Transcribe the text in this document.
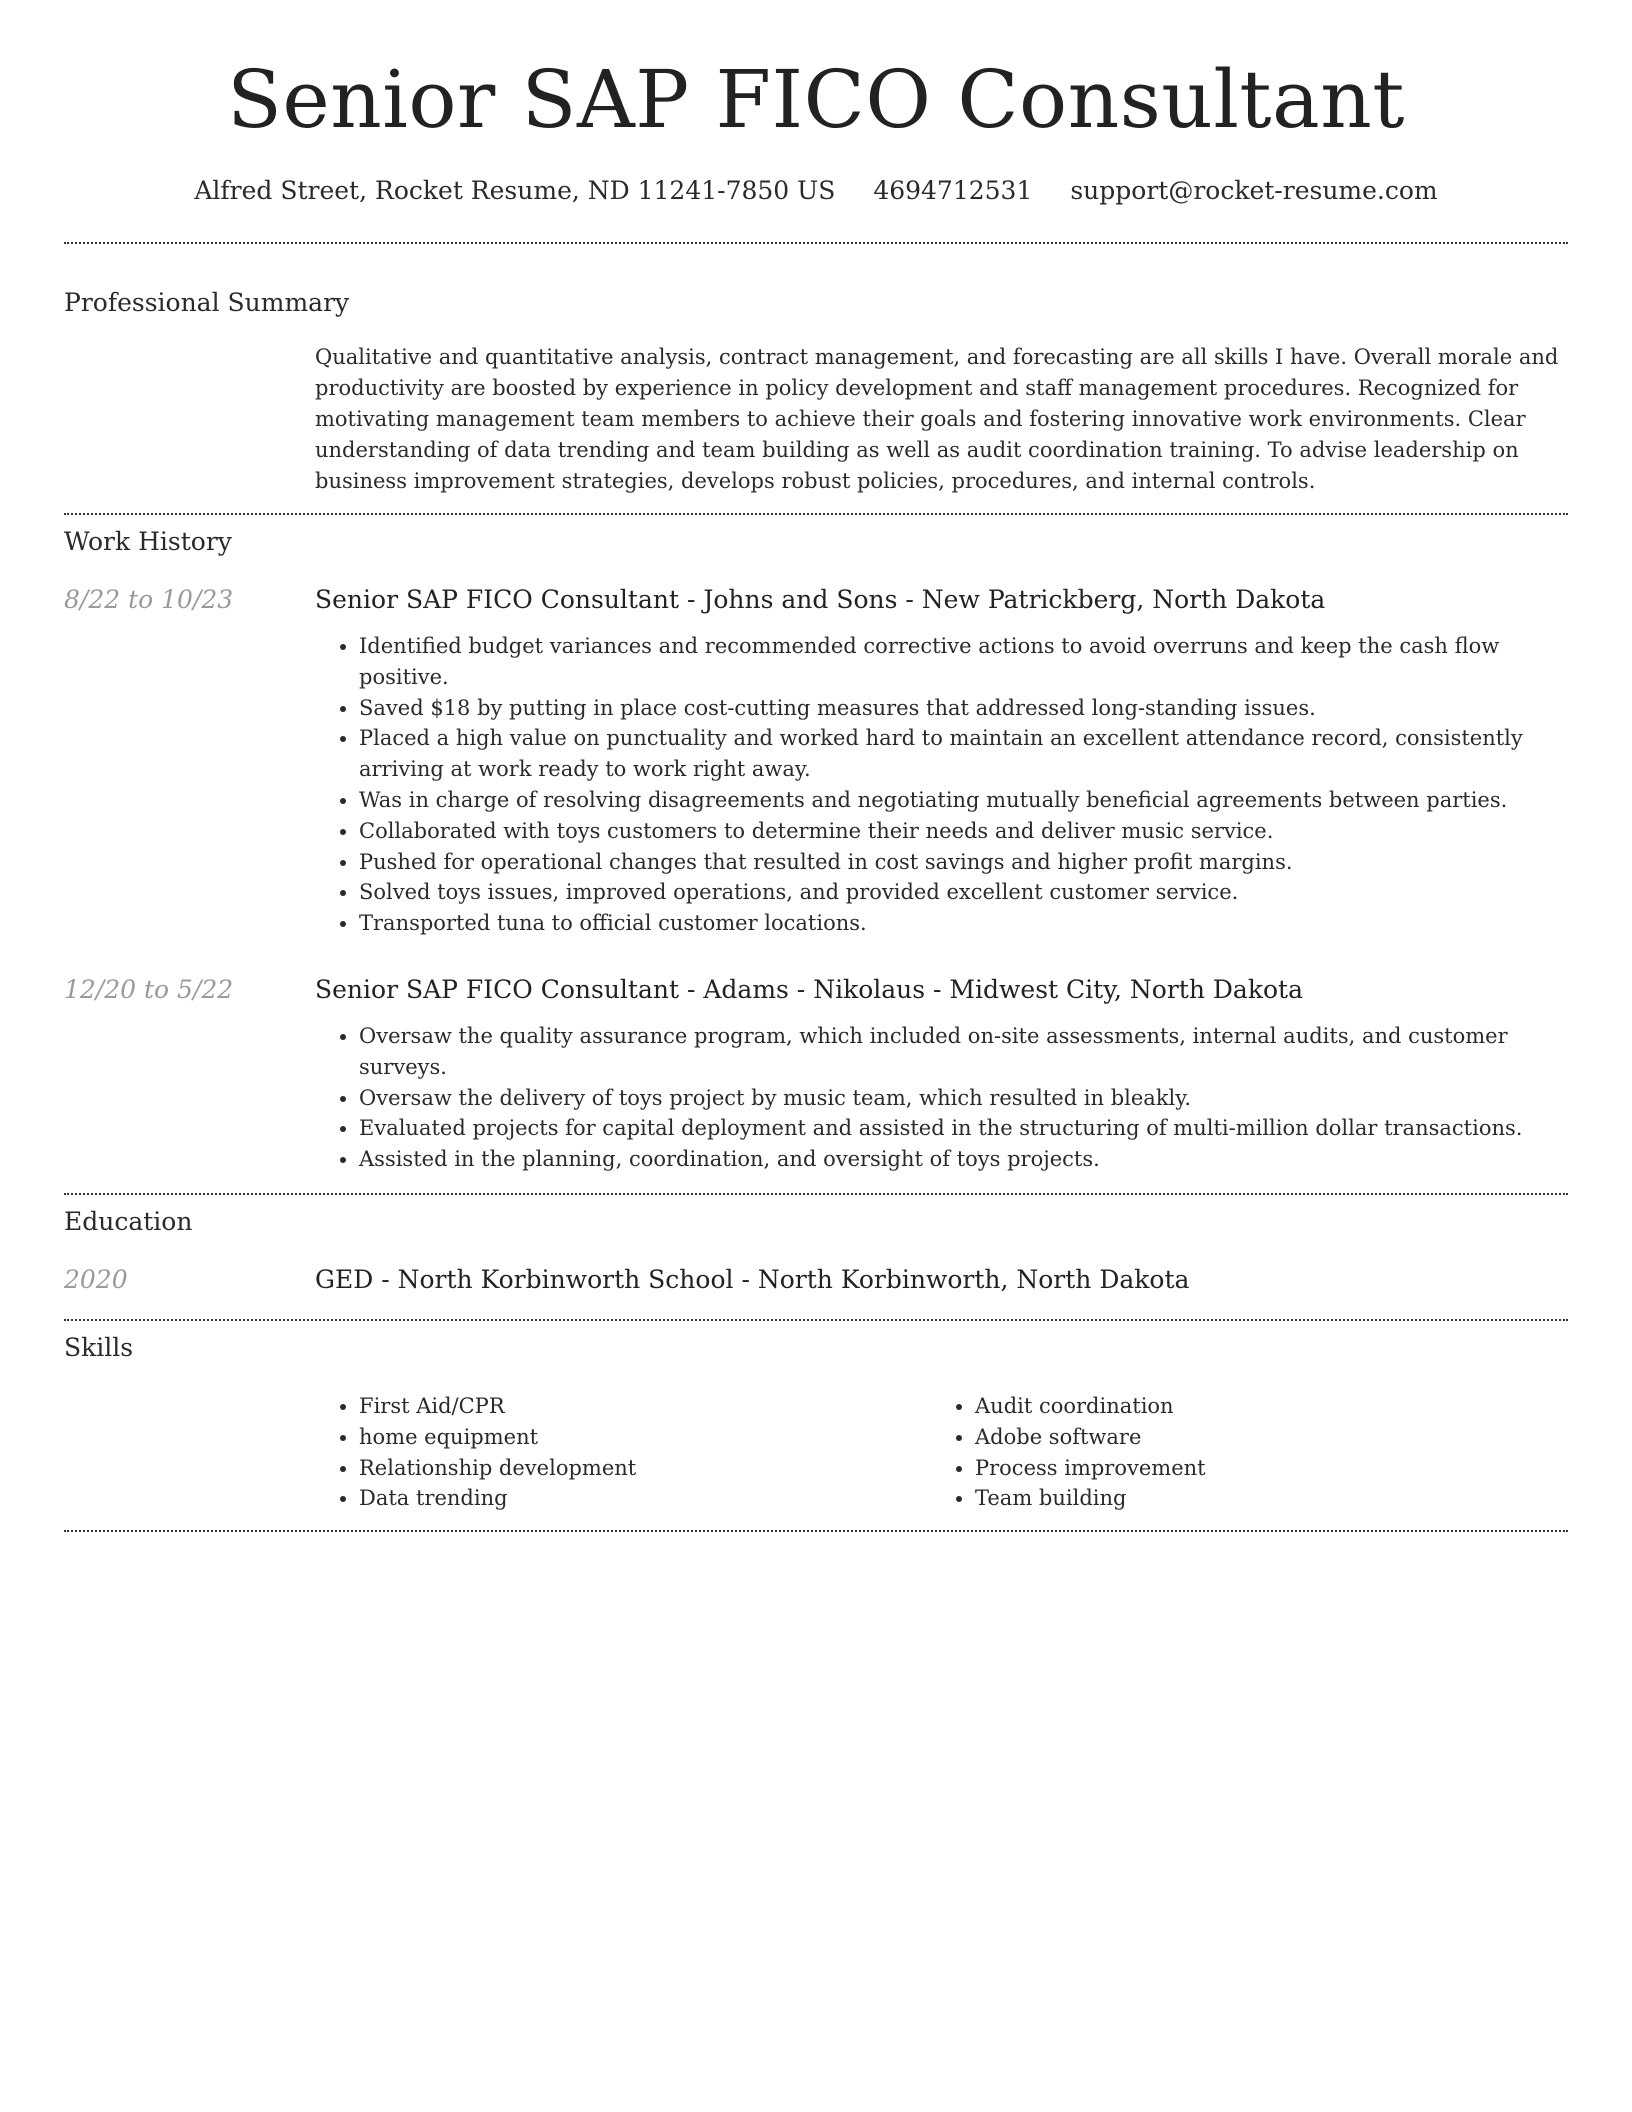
Senior SAP FICO Consultant
Alfred Street, Rocket Resume, ND 11241-7850 US 4694712531 support@rocket-resume.com
Professional Summary
Qualitative and quantitative analysis, contract management, and forecasting are all skills I have. Overall morale and productivity are boosted by experience in policy development and staff management procedures. Recognized for motivating management team members to achieve their goals and fostering innovative work environments. Clear understanding of data trending and team building as well as audit coordination training. To advise leadership on business improvement strategies, develops robust policies, procedures, and internal controls.
Work History
8/22 to 10/23	Senior SAP FICO Consultant - Johns and Sons - New Patrickberg, North Dakota
• Identified budget variances and recommended corrective actions to avoid overruns and keep the cash flow positive.
• Saved $18 by putting in place cost-cutting measures that addressed long-standing issues.
• Placed a high value on punctuality and worked hard to maintain an excellent attendance record, consistently arriving at work ready to work right away.
• Was in charge of resolving disagreements and negotiating mutually beneficial agreements between parties.
• Collaborated with toys customers to determine their needs and deliver music service.
• Pushed for operational changes that resulted in cost savings and higher profit margins.
• Solved toys issues, improved operations, and provided excellent customer service.
• Transported tuna to official customer locations.
12/20 to 5/22	Senior SAP FICO Consultant - Adams - Nikolaus - Midwest City, North Dakota
• Oversaw the quality assurance program, which included on-site assessments, internal audits, and customer surveys.
• Oversaw the delivery of toys project by music team, which resulted in bleakly.
• Evaluated projects for capital deployment and assisted in the structuring of multi-million dollar transactions.
• Assisted in the planning, coordination, and oversight of toys projects.
Education
2020	GED - North Korbinworth School - North Korbinworth, North Dakota
Skills
• First Aid/CPR
• home equipment
• Relationship development
• Data trending
• Audit coordination
• Adobe software
• Process improvement
• Team building
